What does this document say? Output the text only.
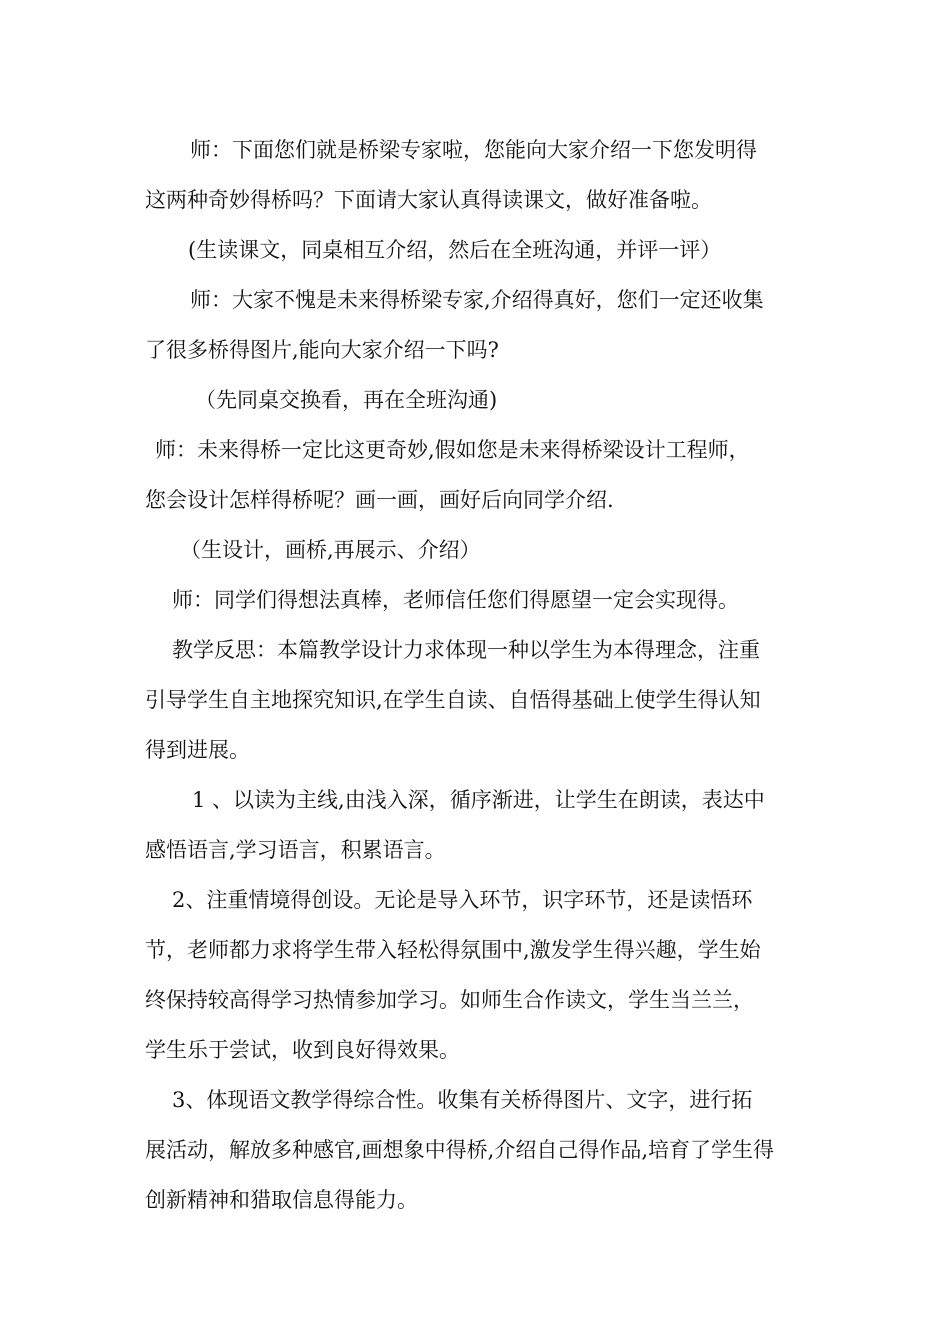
师：下面您们就是桥梁专家啦，您能向大家介绍一下您发明得

这两种奇妙得桥吗？下面请大家认真得读课文，做好准备啦。

(生读课文，同桌相互介绍，然后在全班沟通，并评一评）

师：大家不愧是未来得桥梁专家,介绍得真好，您们一定还收集

了很多桥得图片,能向大家介绍一下吗?

（先同桌交换看，再在全班沟通)

师：未来得桥一定比这更奇妙,假如您是未来得桥梁设计工程师，

您会设计怎样得桥呢？画一画，画好后向同学介绍.

（生设计，画桥,再展示、介绍）

师：同学们得想法真棒，老师信任您们得愿望一定会实现得。

教学反思：本篇教学设计力求体现一种以学生为本得理念，注重

引导学生自主地探究知识,在学生自读、自悟得基础上使学生得认知

得到进展。

1 、以读为主线,由浅入深，循序渐进，让学生在朗读，表达中

感悟语言,学习语言，积累语言。

2、注重情境得创设。无论是导入环节，识字环节，还是读悟环

节，老师都力求将学生带入轻松得氛围中,激发学生得兴趣，学生始

终保持较高得学习热情参加学习。如师生合作读文，学生当兰兰，

学生乐于尝试，收到良好得效果。

3、体现语文教学得综合性。收集有关桥得图片、文字，进行拓

展活动，解放多种感官,画想象中得桥,介绍自己得作品,培育了学生得

创新精神和猎取信息得能力。
